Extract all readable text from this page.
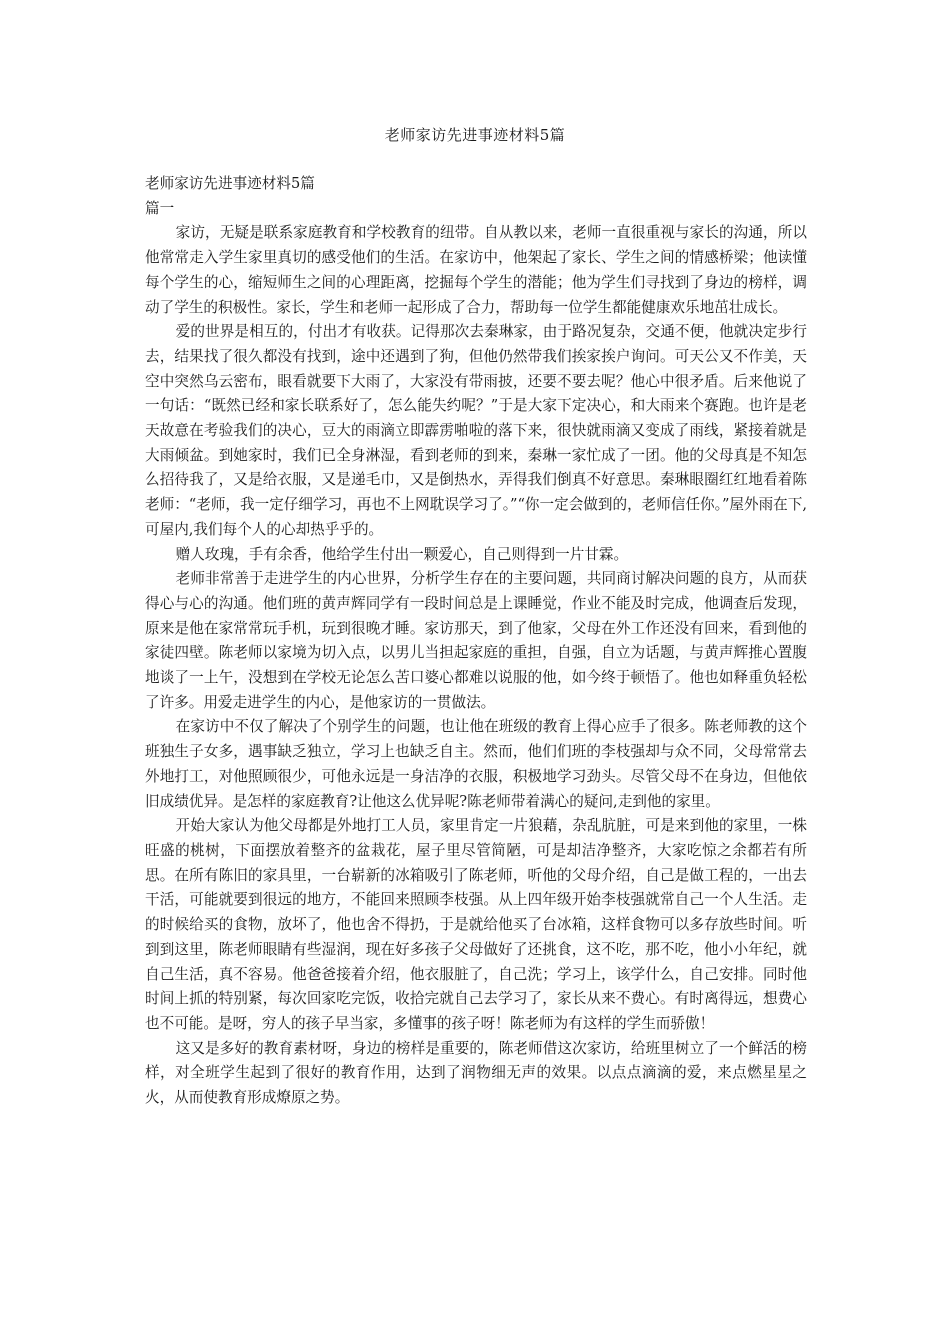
老师家访先进事迹材料5篇
老师家访先进事迹材料5篇
篇一

家访，无疑是联系家庭教育和学校教育的纽带。自从教以来，老师一直很重视与家长的沟通，所以他常常走入学生家里真切的感受他们的生活。在家访中，他架起了家长、学生之间的情感桥梁；他读懂每个学生的心，缩短师生之间的心理距离，挖掘每个学生的潜能；他为学生们寻找到了身边的榜样，调动了学生的积极性。家长，学生和老师一起形成了合力，帮助每一位学生都能健康欢乐地茁壮成长。

爱的世界是相互的，付出才有收获。记得那次去秦琳家，由于路况复杂，交通不便，他就决定步行去，结果找了很久都没有找到，途中还遇到了狗，但他仍然带我们挨家挨户询问。可天公又不作美，天空中突然乌云密布，眼看就要下大雨了，大家没有带雨披，还要不要去呢？他心中很矛盾。后来他说了一句话：“既然已经和家长联系好了，怎么能失约呢？”于是大家下定决心，和大雨来个赛跑。也许是老天故意在考验我们的决心，豆大的雨滴立即霹雳啪啦的落下来，很快就雨滴又变成了雨线，紧接着就是大雨倾盆。到她家时，我们已全身淋湿，看到老师的到来，秦琳一家忙成了一团。他的父母真是不知怎么招待我了，又是给衣服，又是递毛巾，又是倒热水，弄得我们倒真不好意思。秦琳眼圈红红地看着陈老师：“老师，我一定仔细学习，再也不上网耽误学习了。”“你一定会做到的，老师信任你。”屋外雨在下,可屋内,我们每个人的心却热乎乎的。

赠人玫瑰，手有余香，他给学生付出一颗爱心，自己则得到一片甘霖。

老师非常善于走进学生的内心世界，分析学生存在的主要问题，共同商讨解决问题的良方，从而获得心与心的沟通。他们班的黄声辉同学有一段时间总是上课睡觉，作业不能及时完成，他调查后发现，原来是他在家常常玩手机，玩到很晚才睡。家访那天，到了他家，父母在外工作还没有回来，看到他的家徒四壁。陈老师以家境为切入点，以男儿当担起家庭的重担，自强，自立为话题，与黄声辉推心置腹地谈了一上午，没想到在学校无论怎么苦口婆心都难以说服的他，如今终于顿悟了。他也如释重负轻松了许多。用爱走进学生的内心，是他家访的一贯做法。

在家访中不仅了解决了个别学生的问题，也让他在班级的教育上得心应手了很多。陈老师教的这个班独生子女多，遇事缺乏独立，学习上也缺乏自主。然而，他们们班的李枝强却与众不同，父母常常去外地打工，对他照顾很少，可他永远是一身洁净的衣服，积极地学习劲头。尽管父母不在身边，但他依旧成绩优异。是怎样的家庭教育?让他这么优异呢?陈老师带着满心的疑问,走到他的家里。

开始大家认为他父母都是外地打工人员，家里肯定一片狼藉，杂乱肮脏，可是来到他的家里，一株旺盛的桃树，下面摆放着整齐的盆栽花，屋子里尽管简陋，可是却洁净整齐，大家吃惊之余都若有所思。在所有陈旧的家具里，一台崭新的冰箱吸引了陈老师，听他的父母介绍，自己是做工程的，一出去干活，可能就要到很远的地方，不能回来照顾李枝强。从上四年级开始李枝强就常自己一个人生活。走的时候给买的食物，放坏了，他也舍不得扔，于是就给他买了台冰箱，这样食物可以多存放些时间。听到到这里，陈老师眼睛有些湿润，现在好多孩子父母做好了还挑食，这不吃，那不吃，他小小年纪，就自己生活，真不容易。他爸爸接着介绍，他衣服脏了，自己洗；学习上，该学什么，自己安排。同时他时间上抓的特别紧，每次回家吃完饭，收拾完就自己去学习了，家长从来不费心。有时离得远，想费心也不可能。是呀，穷人的孩子早当家，多懂事的孩子呀！陈老师为有这样的学生而骄傲！

这又是多好的教育素材呀，身边的榜样是重要的，陈老师借这次家访，给班里树立了一个鲜活的榜样，对全班学生起到了很好的教育作用，达到了润物细无声的效果。以点点滴滴的爱，来点燃星星之火，从而使教育形成燎原之势。
